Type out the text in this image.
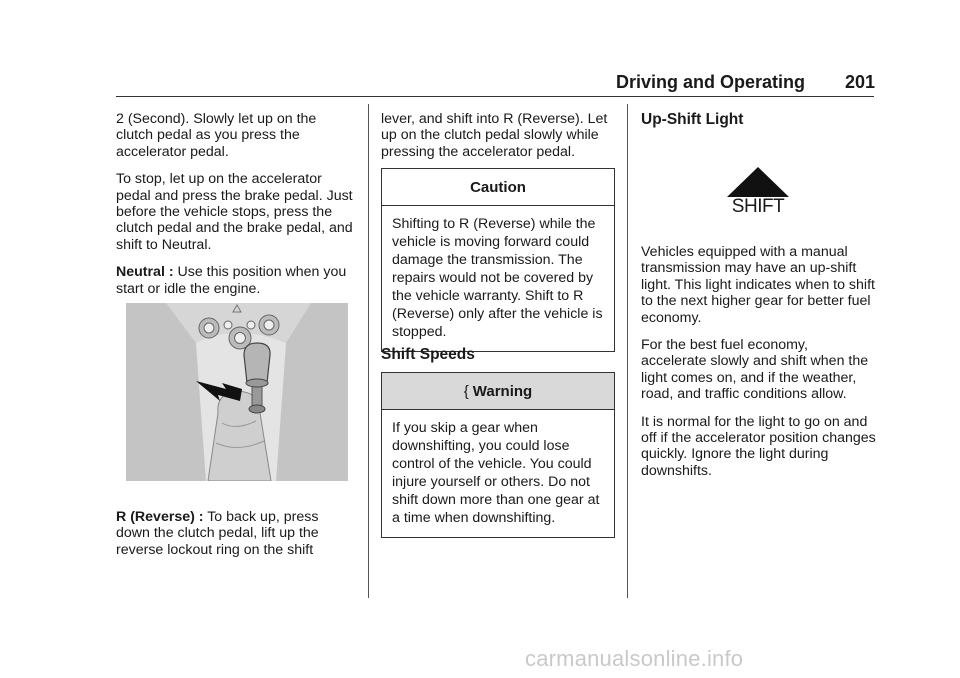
Driving and Operating 201

2 (Second). Slowly let up on the clutch pedal as you press the accelerator pedal.

To stop, let up on the accelerator pedal and press the brake pedal. Just before the vehicle stops, press the clutch pedal and the brake pedal, and shift to Neutral.

Neutral : Use this position when you start or idle the engine.

R (Reverse) : To back up, press down the clutch pedal, lift up the reverse lockout ring on the shift

lever, and shift into R (Reverse). Let up on the clutch pedal slowly while pressing the accelerator pedal.

Caution
Shifting to R (Reverse) while the vehicle is moving forward could damage the transmission. The repairs would not be covered by the vehicle warranty. Shift to R (Reverse) only after the vehicle is stopped.
Shift Speeds
{ Warning
If you skip a gear when downshifting, you could lose control of the vehicle. You could injure yourself or others. Do not shift down more than one gear at a time when downshifting.
Up-Shift Light
SHIFT

Vehicles equipped with a manual transmission may have an up-shift light. This light indicates when to shift to the next higher gear for better fuel economy.

For the best fuel economy, accelerate slowly and shift when the light comes on, and if the weather, road, and traffic conditions allow.

It is normal for the light to go on and off if the accelerator position changes quickly. Ignore the light during downshifts.

carmanualsonline.info
